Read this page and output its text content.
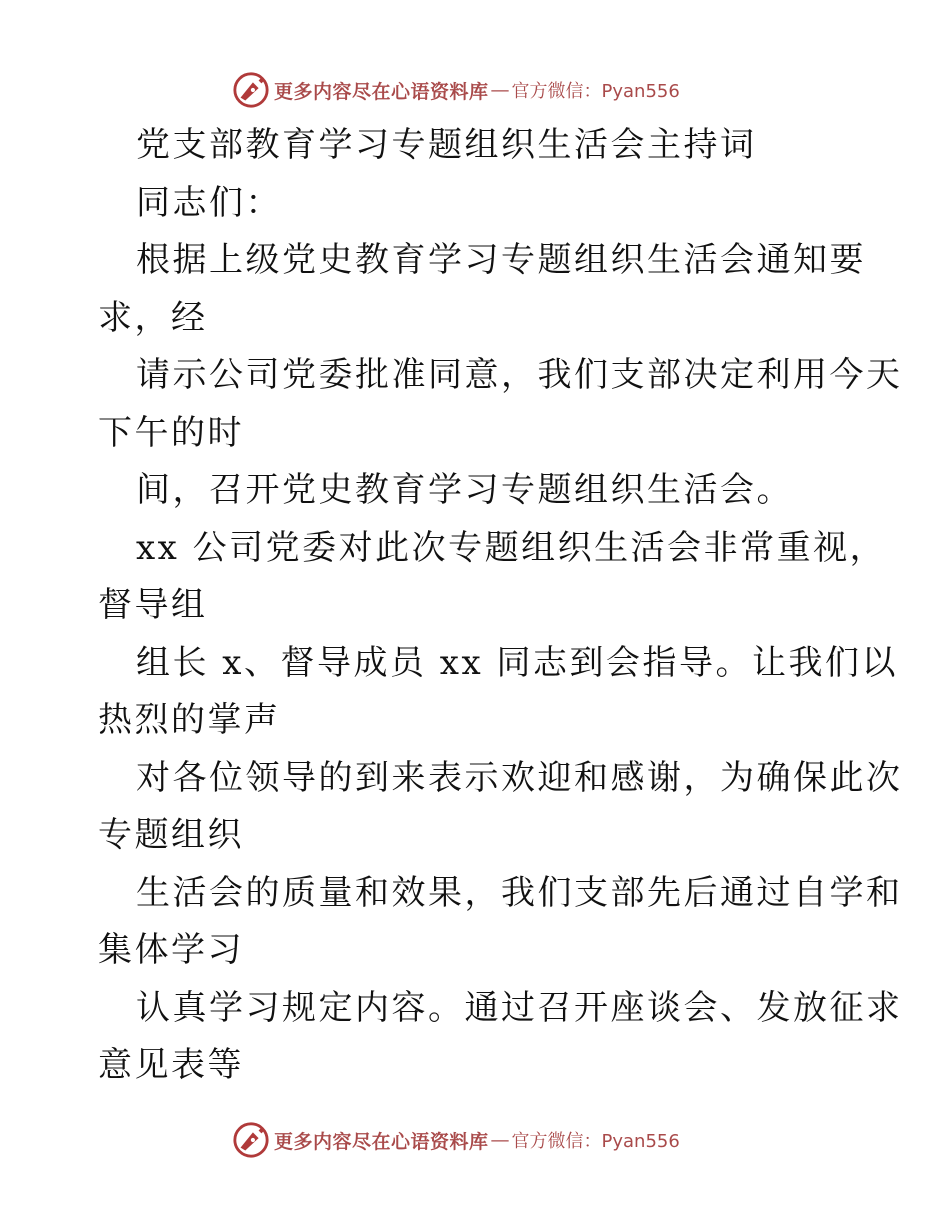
更多内容尽在心语资料库 — 官方微信：Pyan556
党支部教育学习专题组织生活会主持词
同志们：
根据上级党史教育学习专题组织生活会通知要
求，经
请示公司党委批准同意，我们支部决定利用今天
下午的时
间，召开党史教育学习专题组织生活会。
xx 公司党委对此次专题组织生活会非常重视，
督导组
组长 x、督导成员 xx 同志到会指导。让我们以
热烈的掌声
对各位领导的到来表示欢迎和感谢，为确保此次
专题组织
生活会的质量和效果，我们支部先后通过自学和
集体学习
认真学习规定内容。通过召开座谈会、发放征求
意见表等
更多内容尽在心语资料库 — 官方微信：Pyan556
